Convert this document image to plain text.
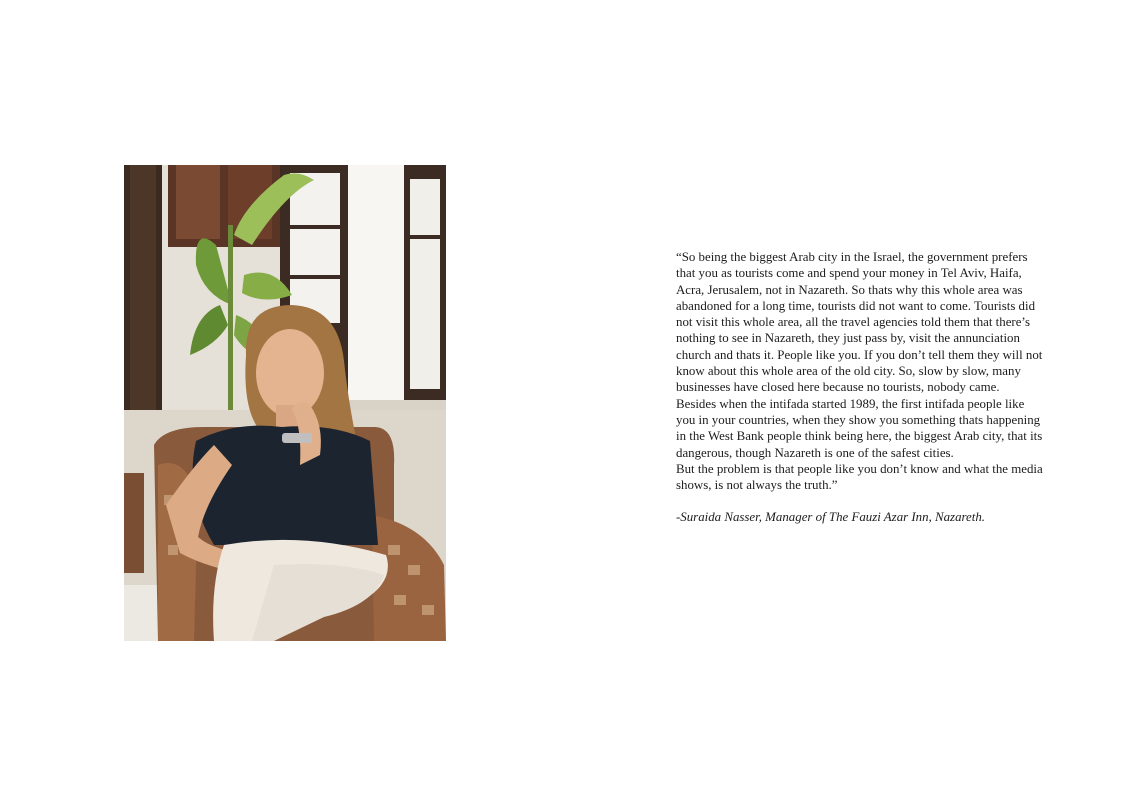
“So being the biggest Arab city in the Israel, the government prefers that you as tourists come and spend your money in Tel Aviv, Haifa, Acra, Jerusalem, not in Nazareth. So thats why this whole area was abandoned for a long time, tourists did not want to come. Tourists did not visit this whole area, all the travel agencies told them that there’s nothing to see in Nazareth, they just pass by, visit the annunciation church and thats it. People like you. If you don’t tell them they will not know about this whole area of the old city. So, slow by slow, many businesses have closed here because no tourists, nobody came.

Besides when the intifada started 1989, the first intifada people like you in your countries, when they show you something thats happening in the West Bank people think being here, the biggest Arab city, that its dangerous, though Nazareth is one of the safest cities.

But the problem is that people like you don’t know and what the media shows, is not always the truth.”

-Suraida Nasser, Manager of The Fauzi Azar Inn, Nazareth.
